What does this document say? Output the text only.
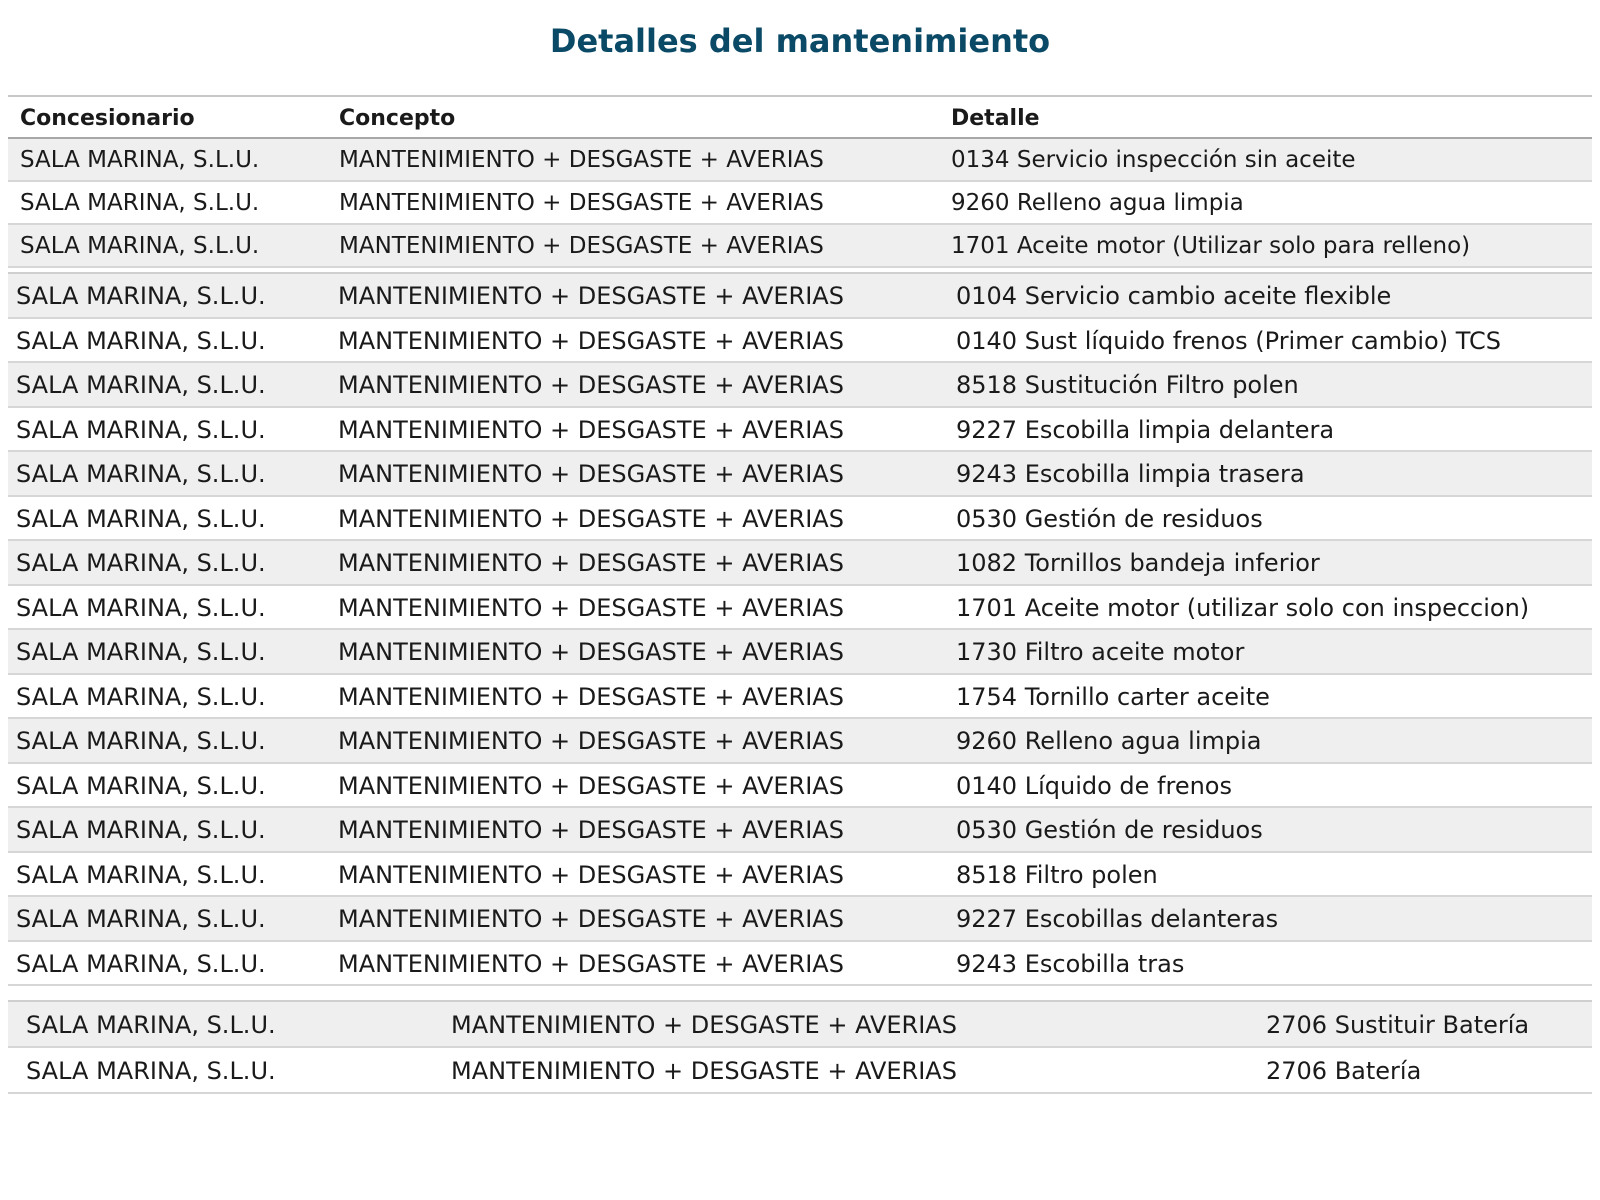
Detalles del mantenimiento
Concesionario	Concepto	Detalle
SALA MARINA, S.L.U.	MANTENIMIENTO + DESGASTE + AVERIAS	0134 Servicio inspección sin aceite
SALA MARINA, S.L.U.	MANTENIMIENTO + DESGASTE + AVERIAS	9260 Relleno agua limpia
SALA MARINA, S.L.U.	MANTENIMIENTO + DESGASTE + AVERIAS	1701 Aceite motor (Utilizar solo para relleno)
SALA MARINA, S.L.U.	MANTENIMIENTO + DESGASTE + AVERIAS	0104 Servicio cambio aceite flexible
SALA MARINA, S.L.U.	MANTENIMIENTO + DESGASTE + AVERIAS	0140 Sust líquido frenos (Primer cambio) TCS
SALA MARINA, S.L.U.	MANTENIMIENTO + DESGASTE + AVERIAS	8518 Sustitución Filtro polen
SALA MARINA, S.L.U.	MANTENIMIENTO + DESGASTE + AVERIAS	9227 Escobilla limpia delantera
SALA MARINA, S.L.U.	MANTENIMIENTO + DESGASTE + AVERIAS	9243 Escobilla limpia trasera
SALA MARINA, S.L.U.	MANTENIMIENTO + DESGASTE + AVERIAS	0530 Gestión de residuos
SALA MARINA, S.L.U.	MANTENIMIENTO + DESGASTE + AVERIAS	1082 Tornillos bandeja inferior
SALA MARINA, S.L.U.	MANTENIMIENTO + DESGASTE + AVERIAS	1701 Aceite motor (utilizar solo con inspeccion)
SALA MARINA, S.L.U.	MANTENIMIENTO + DESGASTE + AVERIAS	1730 Filtro aceite motor
SALA MARINA, S.L.U.	MANTENIMIENTO + DESGASTE + AVERIAS	1754 Tornillo carter aceite
SALA MARINA, S.L.U.	MANTENIMIENTO + DESGASTE + AVERIAS	9260 Relleno agua limpia
SALA MARINA, S.L.U.	MANTENIMIENTO + DESGASTE + AVERIAS	0140 Líquido de frenos
SALA MARINA, S.L.U.	MANTENIMIENTO + DESGASTE + AVERIAS	0530 Gestión de residuos
SALA MARINA, S.L.U.	MANTENIMIENTO + DESGASTE + AVERIAS	8518 Filtro polen
SALA MARINA, S.L.U.	MANTENIMIENTO + DESGASTE + AVERIAS	9227 Escobillas delanteras
SALA MARINA, S.L.U.	MANTENIMIENTO + DESGASTE + AVERIAS	9243 Escobilla tras
SALA MARINA, S.L.U.	MANTENIMIENTO + DESGASTE + AVERIAS	2706 Sustituir Batería
SALA MARINA, S.L.U.	MANTENIMIENTO + DESGASTE + AVERIAS	2706 Batería
